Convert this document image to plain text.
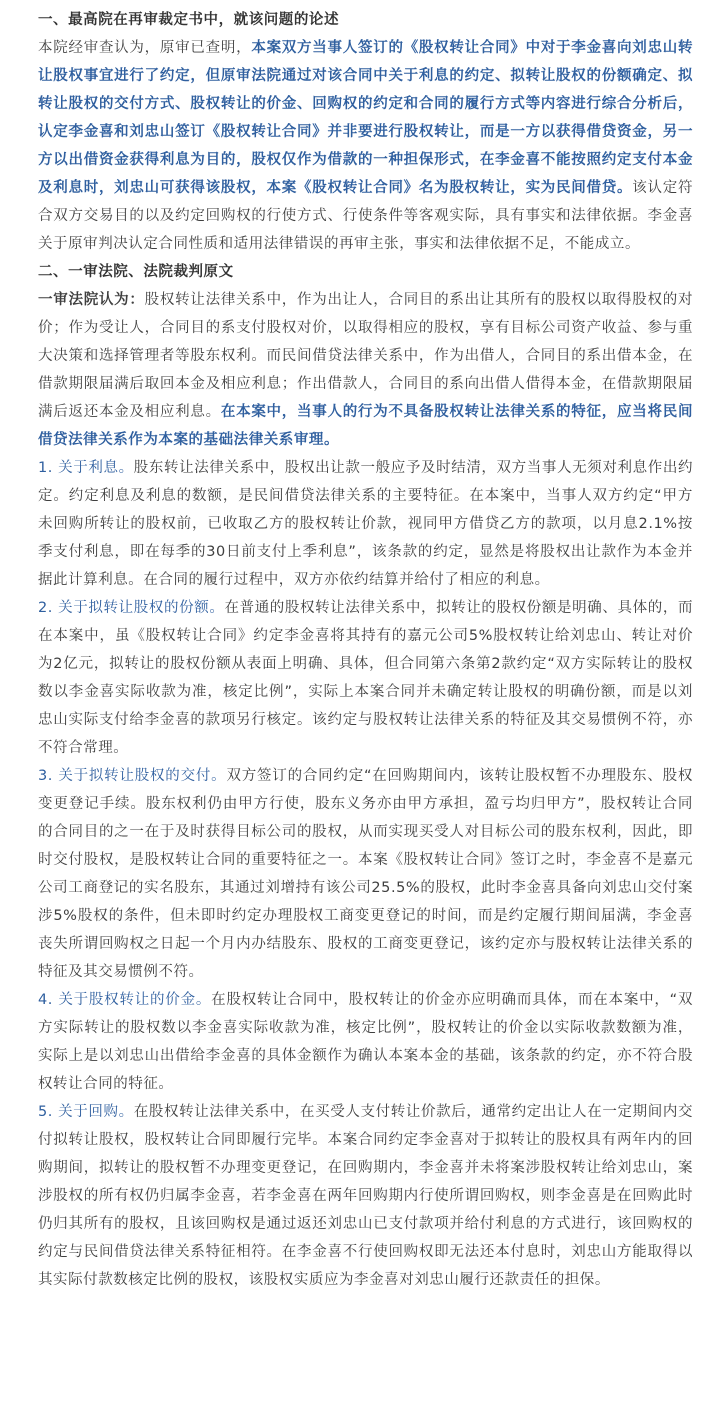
一、最高院在再审裁定书中，就该问题的论述

本院经审查认为，原审已查明，本案双方当事人签订的《股权转让合同》中对于李金喜向刘忠山转让股权事宜进行了约定，但原审法院通过对该合同中关于利息的约定、拟转让股权的份额确定、拟转让股权的交付方式、股权转让的价金、回购权的约定和合同的履行方式等内容进行综合分析后，认定李金喜和刘忠山签订《股权转让合同》并非要进行股权转让，而是一方以获得借贷资金，另一方以出借资金获得利息为目的，股权仅作为借款的一种担保形式，在李金喜不能按照约定支付本金及利息时，刘忠山可获得该股权，本案《股权转让合同》名为股权转让，实为民间借贷。该认定符合双方交易目的以及约定回购权的行使方式、行使条件等客观实际，具有事实和法律依据。李金喜关于原审判决认定合同性质和适用法律错误的再审主张，事实和法律依据不足，不能成立。

二、一审法院、法院裁判原文

一审法院认为：股权转让法律关系中，作为出让人，合同目的系出让其所有的股权以取得股权的对价；作为受让人，合同目的系支付股权对价，以取得相应的股权，享有目标公司资产收益、参与重大决策和选择管理者等股东权利。而民间借贷法律关系中，作为出借人，合同目的系出借本金，在借款期限届满后取回本金及相应利息；作出借款人，合同目的系向出借人借得本金，在借款期限届满后返还本金及相应利息。在本案中，当事人的行为不具备股权转让法律关系的特征，应当将民间借贷法律关系作为本案的基础法律关系审理。

1. 关于利息。股东转让法律关系中，股权出让款一般应予及时结清，双方当事人无须对利息作出约定。约定利息及利息的数额，是民间借贷法律关系的主要特征。在本案中，当事人双方约定“甲方未回购所转让的股权前，已收取乙方的股权转让价款，视同甲方借贷乙方的款项，以月息2.1%按季支付利息，即在每季的30日前支付上季利息”，该条款的约定，显然是将股权出让款作为本金并据此计算利息。在合同的履行过程中，双方亦依约结算并给付了相应的利息。

2. 关于拟转让股权的份额。在普通的股权转让法律关系中，拟转让的股权份额是明确、具体的，而在本案中，虽《股权转让合同》约定李金喜将其持有的嘉元公司5%股权转让给刘忠山、转让对价为2亿元，拟转让的股权份额从表面上明确、具体，但合同第六条第2款约定“双方实际转让的股权数以李金喜实际收款为准，核定比例”，实际上本案合同并未确定转让股权的明确份额，而是以刘忠山实际支付给李金喜的款项另行核定。该约定与股权转让法律关系的特征及其交易惯例不符，亦不符合常理。

3. 关于拟转让股权的交付。双方签订的合同约定“在回购期间内，该转让股权暂不办理股东、股权变更登记手续。股东权利仍由甲方行使，股东义务亦由甲方承担，盈亏均归甲方”，股权转让合同的合同目的之一在于及时获得目标公司的股权，从而实现买受人对目标公司的股东权利，因此，即时交付股权，是股权转让合同的重要特征之一。本案《股权转让合同》签订之时，李金喜不是嘉元公司工商登记的实名股东，其通过刘增持有该公司25.5%的股权，此时李金喜具备向刘忠山交付案涉5%股权的条件，但未即时约定办理股权工商变更登记的时间，而是约定履行期间届满，李金喜丧失所谓回购权之日起一个月内办结股东、股权的工商变更登记，该约定亦与股权转让法律关系的特征及其交易惯例不符。

4. 关于股权转让的价金。在股权转让合同中，股权转让的价金亦应明确而具体，而在本案中，“双方实际转让的股权数以李金喜实际收款为准，核定比例”，股权转让的价金以实际收款数额为准，实际上是以刘忠山出借给李金喜的具体金额作为确认本案本金的基础，该条款的约定，亦不符合股权转让合同的特征。

5. 关于回购。在股权转让法律关系中，在买受人支付转让价款后，通常约定出让人在一定期间内交付拟转让股权，股权转让合同即履行完毕。本案合同约定李金喜对于拟转让的股权具有两年内的回购期间，拟转让的股权暂不办理变更登记，在回购期内，李金喜并未将案涉股权转让给刘忠山，案涉股权的所有权仍归属李金喜，若李金喜在两年回购期内行使所谓回购权，则李金喜是在回购此时仍归其所有的股权，且该回购权是通过返还刘忠山已支付款项并给付利息的方式进行，该回购权的约定与民间借贷法律关系特征相符。在李金喜不行使回购权即无法还本付息时，刘忠山方能取得以其实际付款数核定比例的股权，该股权实质应为李金喜对刘忠山履行还款责任的担保。
